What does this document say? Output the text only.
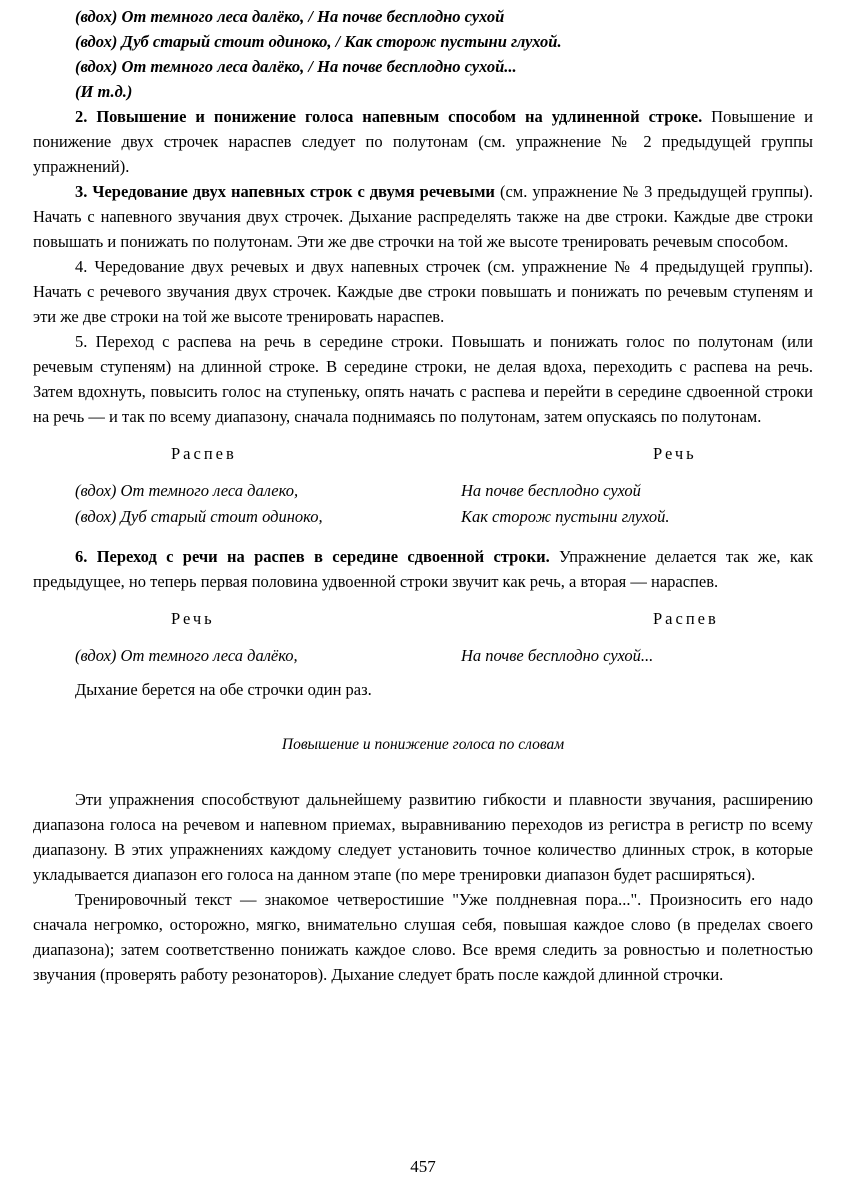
(вдох) От темного леса далёко, / На почве бесплодно сухой
(вдох) Дуб старый стоит одиноко, / Как сторож пустыни глухой.
(вдох) От темного леса далёко, / На почве бесплодно сухой...
(И т.д.)

2. Повышение и понижение голоса напевным способом на удлиненной строке. Повышение и понижение двух строчек нараспев следует по полутонам (см. упражнение № 2 предыдущей группы упражнений).

3. Чередование двух напевных строк с двумя речевыми (см. упражнение № 3 предыдущей группы). Начать с напевного звучания двух строчек. Дыхание распределять также на две строки. Каждые две строки повышать и понижать по полутонам. Эти же две строчки на той же высоте тренировать речевым способом.

4. Чередование двух речевых и двух напевных строчек (см. упражнение № 4 предыдущей группы). Начать с речевого звучания двух строчек. Каждые две строки повышать и понижать по речевым ступеням и эти же две строки на той же высоте тренировать нараспев.

5. Переход с распева на речь в середине строки. Повышать и понижать голос по полутонам (или речевым ступеням) на длинной строке. В середине строки, не делая вдоха, переходить с распева на речь. Затем вдохнуть, повысить голос на ступеньку, опять начать с распева и перейти в середине сдвоенной строки на речь — и так по всему диапазону, сначала поднимаясь по полутонам, затем опускаясь по полутонам.

Распев	Речь
(вдох) От темного леса далеко,	На почве бесплодно сухой
(вдох) Дуб старый стоит одиноко,	Как сторож пустыни глухой.

6. Переход с речи на распев в середине сдвоенной строки. Упражнение делается так же, как предыдущее, но теперь первая половина удвоенной строки звучит как речь, а вторая — нараспев.

Речь	Распев
(вдох) От темного леса далёко,	На почве бесплодно сухой...

Дыхание берется на обе строчки один раз.

Повышение и понижение голоса по словам

Эти упражнения способствуют дальнейшему развитию гибкости и плавности звучания, расширению диапазона голоса на речевом и напевном приемах, выравниванию переходов из регистра в регистр по всему диапазону. В этих упражнениях каждому следует установить точное количество длинных строк, в которые укладывается диапазон его голоса на данном этапе (по мере тренировки диапазон будет расширяться).

Тренировочный текст — знакомое четверостишие "Уже полдневная пора...". Произносить его надо сначала негромко, осторожно, мягко, внимательно слушая себя, повышая каждое слово (в пределах своего диапазона); затем соответственно понижать каждое слово. Все время следить за ровностью и полетностью звучания (проверять работу резонаторов). Дыхание следует брать после каждой длинной строчки.

457
